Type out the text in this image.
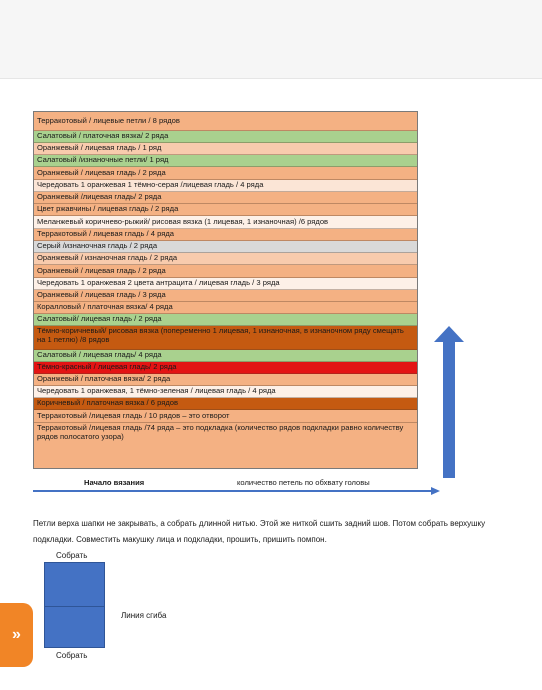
Терракотовый / лицевые петли / 8 рядов
Салатовый / платочная вязка/ 2 ряда
Оранжевый / лицевая гладь / 1 ряд
Салатовый /изнаночные петли/ 1 ряд
Оранжевый / лицевая гладь / 2 ряда
Чередовать 1 оранжевая 1 тёмно-серая /лицевая гладь / 4 ряда
Оранжевый /лицевая гладь/ 2 ряда
Цвет ржавчины / лицевая гладь / 2 ряда
Меланжевый коричнево-рыжий/ рисовая вязка (1 лицевая, 1 изнаночная) /6 рядов
Терракотовый / лицевая гладь / 4 ряда
Серый /изнаночная гладь / 2 ряда
Оранжевый / изнаночная гладь / 2 ряда
Оранжевый / лицевая гладь / 2 ряда
Чередовать 1 оранжевая 2 цвета антрацита / лицевая гладь / 3 ряда
Оранжевый / лицевая гладь / 3 ряда
Коралловый / платочная вязка/ 4 ряда
Салатовый/ лицевая гладь / 2 ряда
Тёмно-коричневый/ рисовая вязка (попеременно 1 лицевая, 1 изнаночная, в изнаночном ряду смещать на 1 петлю) /8 рядов
Салатовый / лицевая гладь/ 4 ряда
Тёмно-красный / лицевая гладь/ 2 ряда
Оранжевый / платочная вязка/ 2 ряда
Чередовать 1 оранжевая, 1 тёмно-зеленая / лицевая гладь / 4 ряда
Коричневый / платочная вязка / 6 рядов
Терракотовый /лицевая гладь / 10 рядов – это отворот
Терракотовый /лицевая гладь /74 ряда – это подкладка (количество рядов подкладки равно количеству рядов полосатого узора)
Начало вязания	количество петель по обхвату головы
Петли верха шапки не закрывать, а собрать длинной нитью. Этой же ниткой сшить задний шов. Потом собрать верхушку подкладки. Совместить макушку лица и подкладки, прошить, пришить помпон.
Собрать
Собрать
Линия сгиба
»
